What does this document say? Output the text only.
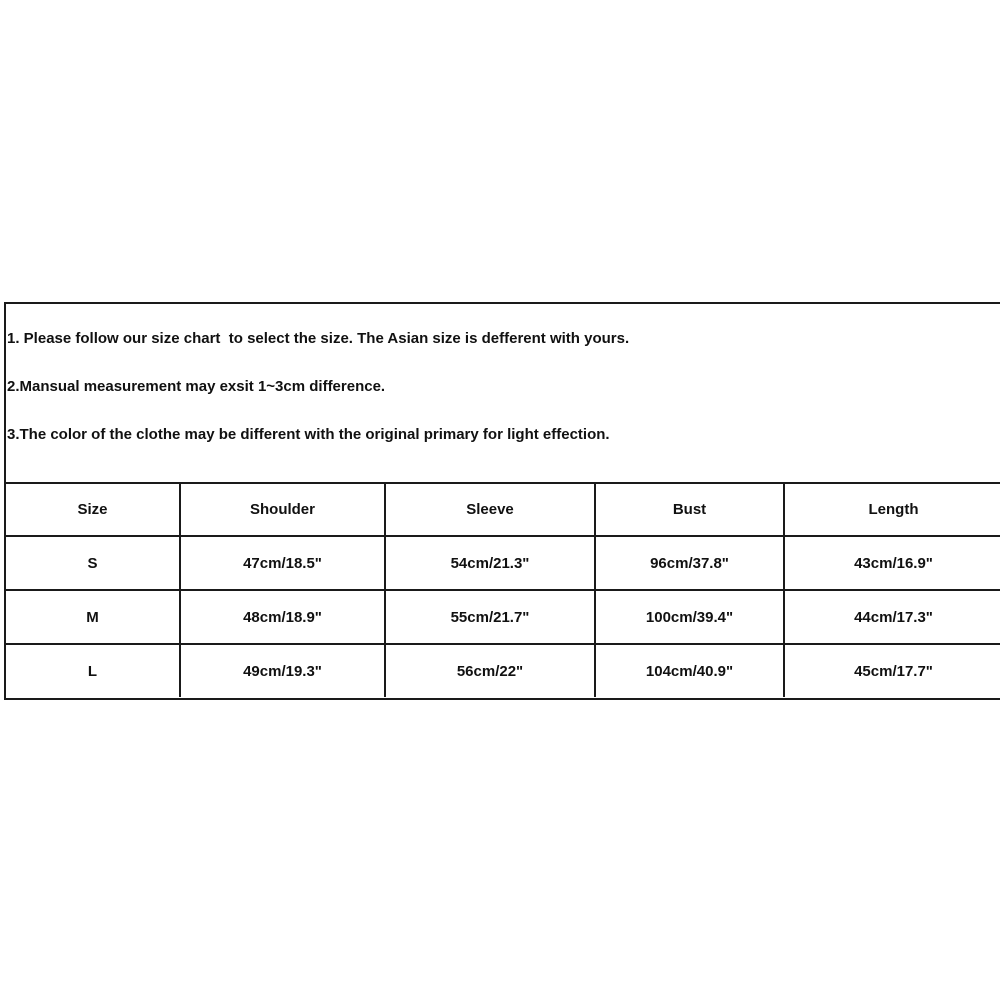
1. Please follow our size chart  to select the size. The Asian size is defferent with yours.

2.Mansual measurement may exsit 1~3cm difference.

3.The color of the clothe may be different with the original primary for light effection.

Size	Shoulder	Sleeve	Bust	Length
S	47cm/18.5"	54cm/21.3"	96cm/37.8"	43cm/16.9"
M	48cm/18.9"	55cm/21.7"	100cm/39.4"	44cm/17.3"
L	49cm/19.3"	56cm/22"	104cm/40.9"	45cm/17.7"
